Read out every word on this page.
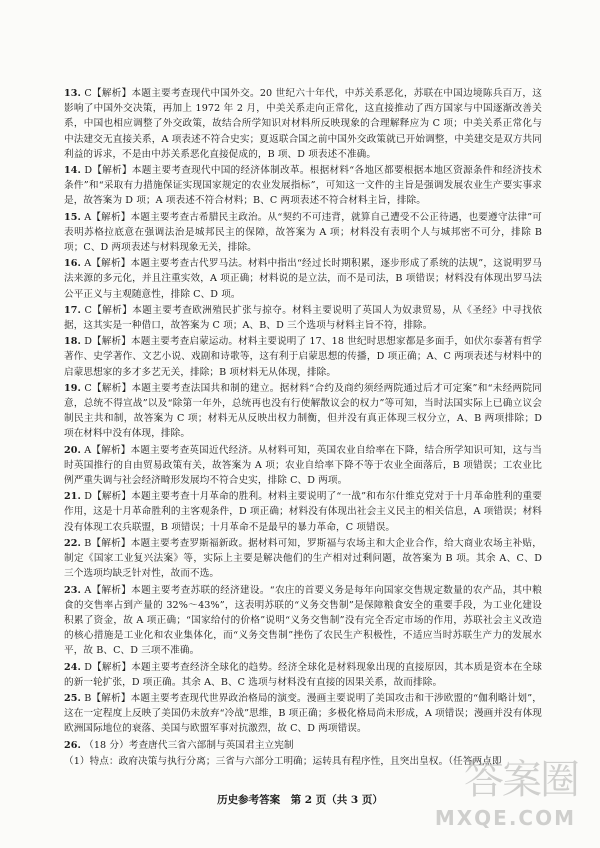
13. C【解析】本题主要考查现代中国外交。20 世纪六十年代，中苏关系恶化，苏联在中国边境陈兵百万，这影响了中国外交决策，再加上 1972 年 2 月，中美关系走向正常化，这直接推动了西方国家与中国逐渐改善关系，中国也相应调整了外交政策，故结合所学知识对材料所反映现象的合理解释应为 C 项；中美关系正常化与中法建交无直接关系，A 项表述不符合史实；夏返联合国之前中国外交政策就已开始调整，中美建交是双方共同利益的诉求，不是由中苏关系恶化直接促成的，B 项、D 项表述不准确。
14. D【解析】本题主要考查现代中国的经济体制改革。根据材料“各地区都要根据本地区资源条件和经济技术条件”和“采取有力措施保证实现国家规定的农业发展指标”，可知这一文件的主旨是强调发展农业生产要实事求是，故答案为 D 项；A 项表述不符合材料；B、C 两项表述不符合材料主旨，排除。
15. A【解析】本题主要考查古希腊民主政治。从“契约不可违背，就算自己遭受不公正待遇，也要遵守法律”可表明苏格拉底意在强调法治是城邦民主的保障，故答案为 A 项；材料没有表明个人与城邦密不可分，排除 B 项；C、D 两项表述与材料现象无关，排除。
16. A【解析】本题主要考查古代罗马法。材料中指出“经过长时期积累，逐步形成了系统的法规”，这说明罗马法来源的多元化，并且注重实效，A 项正确；材料说的是立法，而不是司法，B 项错误；材料没有体现出罗马法公平正义与主观随意性，排除 C、D 项。
17. C【解析】本题主要考查欧洲殖民扩张与掠夺。材料主要说明了英国人为奴隶贸易，从《圣经》中寻找依据，这其实是一种借口，故答案为 C 项；A、B、D 三个选项与材料主旨不符，排除。
18. D【解析】本题主要考查启蒙运动。材料主要说明了 17、18 世纪时思想家都是多面手，如伏尔泰著有哲学著作、史学著作、文艺小说、戏剧和诗歌等，这有利于启蒙思想的传播，D 项正确；A、C 两项表述与材料中的启蒙思想家的多才多艺无关，排除；B 项材料无从体现，排除。
19. C【解析】本题主要考查法国共和制的建立。据材料“合约及商约须经两院通过后才可定案”和“未经两院同意，总统不得宣战”以及“除第一年外，总统再也没有行使解散议会的权力”等可知，当时法国实际上已确立议会制民主共和制，故答案为 C 项；材料无从反映出权力制衡，但并没有真正体现三权分立，A、B 两项排除；D 项在材料中没有体现，排除。
20. A【解析】本题主要考查英国近代经济。从材料可知，英国农业自给率在下降，结合所学知识可知，这与当时英国推行的自由贸易政策有关，故答案为 A 项；农业自给率下降不等于农业全面落后，B 项错误；工农业比例严重失调与社会经济畸形发展均不符合史实，排除 C、D 两项。
21. D【解析】本题主要考查十月革命的胜利。材料主要说明了“一战”和布尔什维克党对于十月革命胜利的重要作用，这是十月革命胜利的主客观条件，D 项正确；材料没有体现出社会主义民主的相关信息，A 项错误；材料没有体现工农兵联盟，B 项错误；十月革命不是最早的暴力革命，C 项错误。
22. B【解析】本题主要考查罗斯福新政。据材料可知，罗斯福与农场主和大企业合作，给大商业农场主补贴，制定《国家工业复兴法案》等，实际上主要是解决他们的生产相对过剩问题，故答案为 B 项。其余 A、C、D 三个选项均缺乏针对性，故而不选。
23. A【解析】本题主要考查苏联的经济建设。“农庄的首要义务是每年向国家交售规定数量的农产品，其中粮食的交售率占到产量的 32%～43%”，这表明苏联的“义务交售制”是保障粮食安全的重要手段，为工业化建设积累了资金，故 A 项正确；“国家给付的价格”说明“义务交售制”没有完全否定市场的作用，苏联社会主义改造的核心措施是工业化和农业集体化，而“义务交售制”挫伤了农民生产积极性，不适应当时苏联生产力的发展水平，故 B、C、D 三项不准确。
24. D【解析】本题主要考查经济全球化的趋势。经济全球化是材料现象出现的直接原因，其本质是资本在全球的新一轮扩张，D 项正确。其余 A、B、C 选项与材料没有直接的因果关系，故而排除。
25. B【解析】本题主要考查现代世界政治格局的演变。漫画主要说明了美国攻击和干涉欧盟的“伽利略计划”，这在一定程度上反映了美国仍未放弃“冷战”思维，B 项正确；多极化格局尚未形成，A 项错误；漫画并没有体现欧洲国际地位的衰落、美国与欧盟军事对抗激烈，故 C、D 两项错误。
26. （18 分）考查唐代三省六部制与英国君主立宪制
（1）特点：政府决策与执行分离；三省与六部分工明确；运转具有程序性，且突出皇权。（任答两点即
历史参考答案　第 2 页（共 3 页）	答案圈
MXQE.COM
